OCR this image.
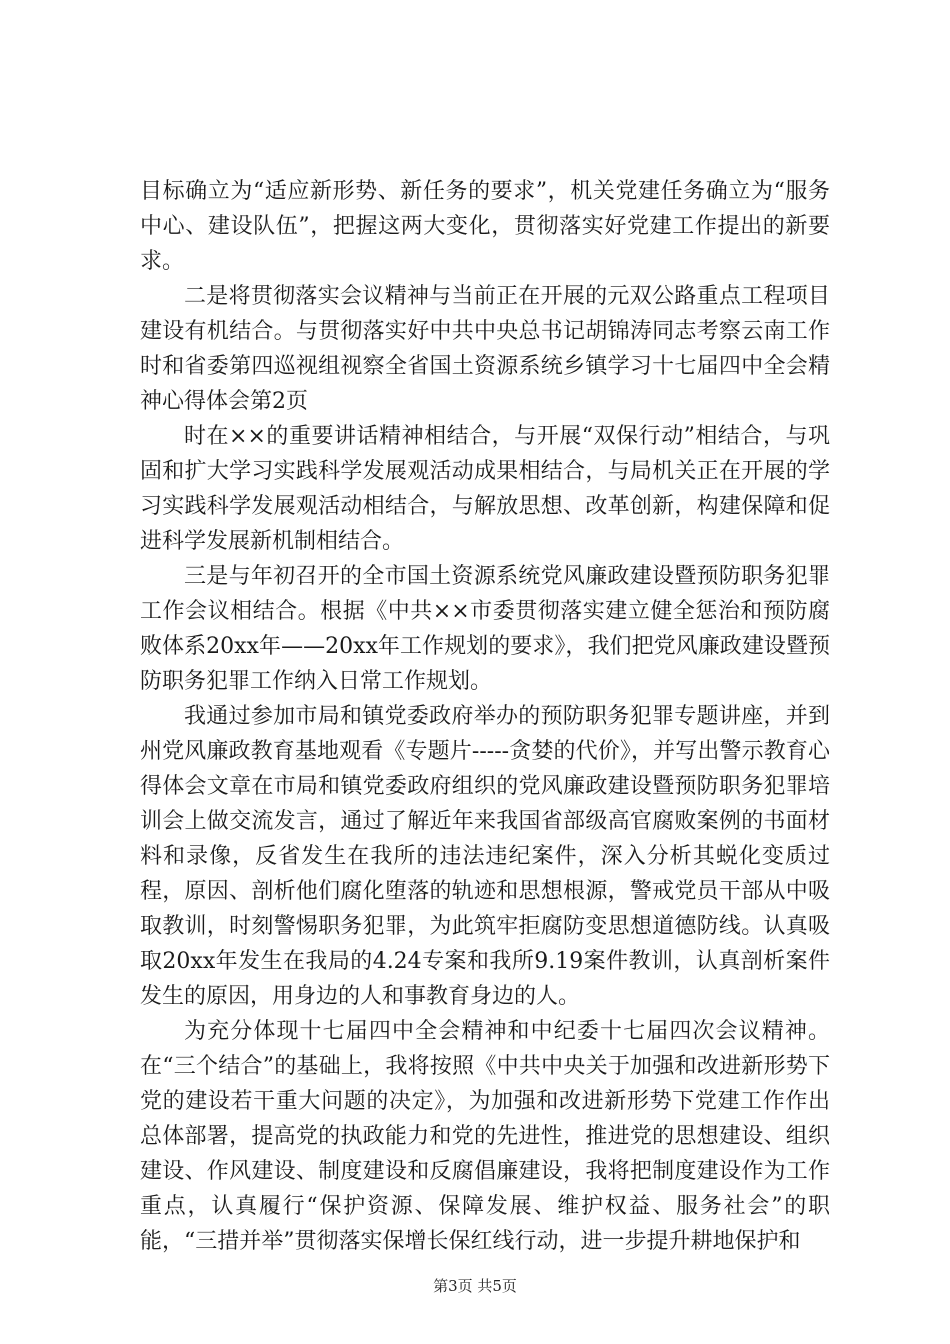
目标确立为“适应新形势、新任务的要求”，机关党建任务确立为“服务中心、建设队伍”，把握这两大变化，贯彻落实好党建工作提出的新要求。

二是将贯彻落实会议精神与当前正在开展的元双公路重点工程项目建设有机结合。与贯彻落实好中共中央总书记胡锦涛同志考察云南工作时和省委第四巡视组视察全省国土资源系统乡镇学习十七届四中全会精神心得体会第2页

时在××的重要讲话精神相结合，与开展“双保行动”相结合，与巩固和扩大学习实践科学发展观活动成果相结合，与局机关正在开展的学习实践科学发展观活动相结合，与解放思想、改革创新，构建保障和促进科学发展新机制相结合。

三是与年初召开的全市国土资源系统党风廉政建设暨预防职务犯罪工作会议相结合。根据《中共××市委贯彻落实建立健全惩治和预防腐败体系20xx年——20xx年工作规划的要求》，我们把党风廉政建设暨预防职务犯罪工作纳入日常工作规划。

我通过参加市局和镇党委政府举办的预防职务犯罪专题讲座，并到州党风廉政教育基地观看《专题片-----贪婪的代价》，并写出警示教育心得体会文章在市局和镇党委政府组织的党风廉政建设暨预防职务犯罪培训会上做交流发言，通过了解近年来我国省部级高官腐败案例的书面材料和录像，反省发生在我所的违法违纪案件，深入分析其蜕化变质过程，原因、剖析他们腐化堕落的轨迹和思想根源，警戒党员干部从中吸取教训，时刻警惕职务犯罪，为此筑牢拒腐防变思想道德防线。认真吸取20xx年发生在我局的4.24专案和我所9.19案件教训，认真剖析案件发生的原因，用身边的人和事教育身边的人。

为充分体现十七届四中全会精神和中纪委十七届四次会议精神。在“三个结合”的基础上，我将按照《中共中央关于加强和改进新形势下党的建设若干重大问题的决定》，为加强和改进新形势下党建工作作出总体部署，提高党的执政能力和党的先进性，推进党的思想建设、组织建设、作风建设、制度建设和反腐倡廉建设，我将把制度建设作为工作重点，认真履行“保护资源、保障发展、维护权益、服务社会”的职能，“三措并举”贯彻落实保增长保红线行动，进一步提升耕地保护和

第3页 共5页
